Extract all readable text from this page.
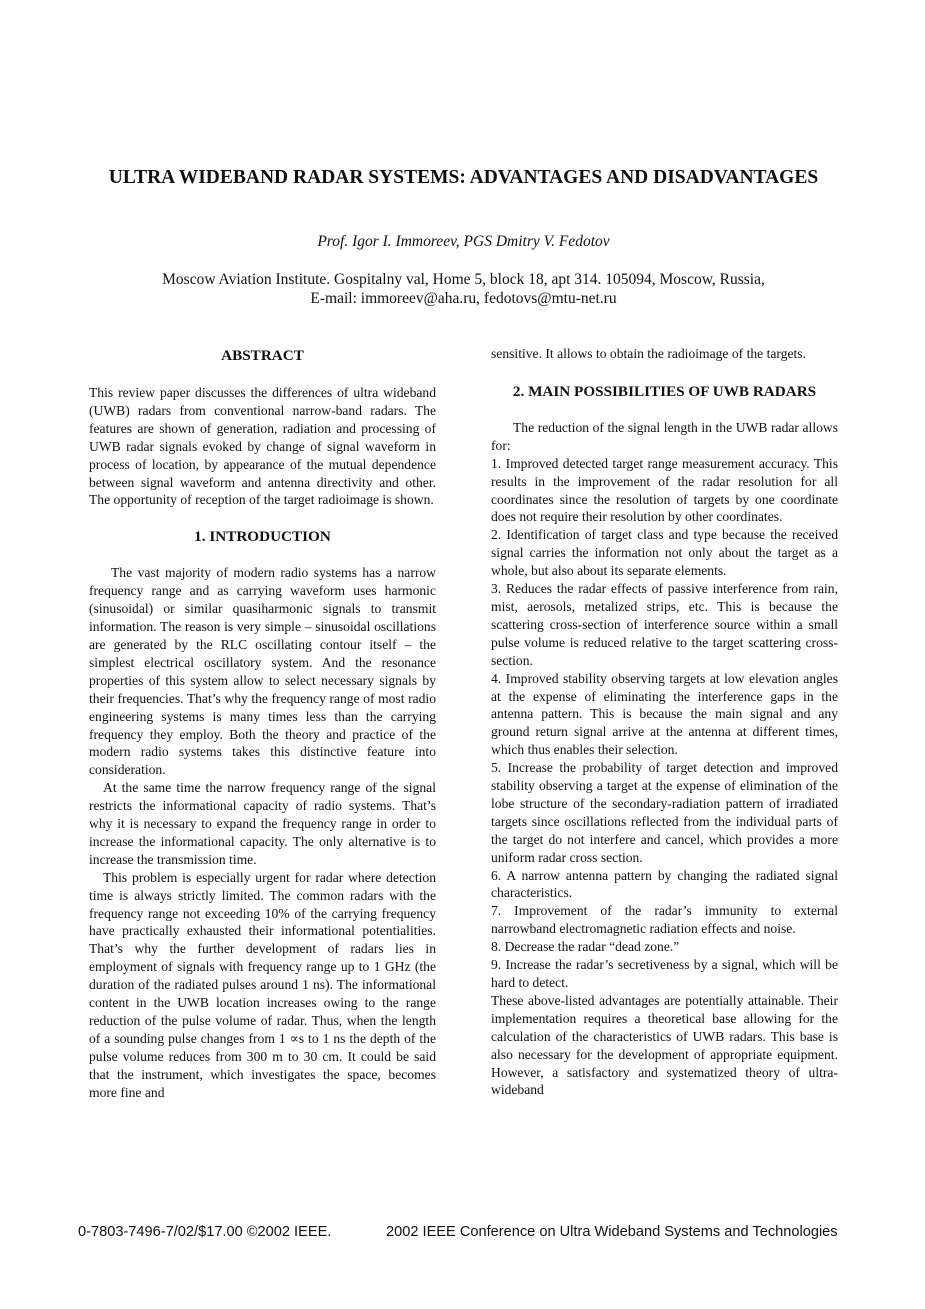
ULTRA WIDEBAND RADAR SYSTEMS: ADVANTAGES AND DISADVANTAGES
Prof. Igor I. Immoreev, PGS Dmitry V. Fedotov
Moscow Aviation Institute. Gospitalny val, Home 5, block 18, apt 314. 105094, Moscow, Russia,
E-mail: immoreev@aha.ru, fedotovs@mtu-net.ru
ABSTRACT

This review paper discusses the differences of ultra wideband (UWB) radars from conventional narrow-band radars. The features are shown of generation, radiation and processing of UWB radar signals evoked by change of signal waveform in process of location, by appearance of the mutual dependence between signal waveform and antenna directivity and other. The opportunity of reception of the target radioimage is shown.

1. INTRODUCTION

The vast majority of modern radio systems has a narrow frequency range and as carrying waveform uses harmonic (sinusoidal) or similar quasiharmonic signals to transmit information. The reason is very simple – sinusoidal oscillations are generated by the RLC oscillating contour itself – the simplest electrical oscillatory system. And the resonance properties of this system allow to select necessary signals by their frequencies. That’s why the frequency range of most radio engineering systems is many times less than the carrying frequency they employ. Both the theory and practice of the modern radio systems takes this distinctive feature into consideration.

At the same time the narrow frequency range of the signal restricts the informational capacity of radio systems. That’s why it is necessary to expand the frequency range in order to increase the informational capacity. The only alternative is to increase the transmission time.

This problem is especially urgent for radar where detection time is always strictly limited. The common radars with the frequency range not exceeding 10% of the carrying frequency have practically exhausted their informational potentialities. That’s why the further development of radars lies in employment of signals with frequency range up to 1 GHz (the duration of the radiated pulses around 1 ns). The informational content in the UWB location increases owing to the range reduction of the pulse volume of radar. Thus, when the length of a sounding pulse changes from 1 ∝s to 1 ns the depth of the pulse volume reduces from 300 m to 30 cm. It could be said that the instrument, which investigates the space, becomes more fine and

sensitive. It allows to obtain the radioimage of the targets.

2. MAIN POSSIBILITIES OF UWB RADARS

The reduction of the signal length in the UWB radar allows for:

1. Improved detected target range measurement accuracy. This results in the improvement of the radar resolution for all coordinates since the resolution of targets by one coordinate does not require their resolution by other coordinates.
2. Identification of target class and type because the received signal carries the information not only about the target as a whole, but also about its separate elements.
3. Reduces the radar effects of passive interference from rain, mist, aerosols, metalized strips, etc. This is because the scattering cross-section of interference source within a small pulse volume is reduced relative to the target scattering cross-section.
4. Improved stability observing targets at low elevation angles at the expense of eliminating the interference gaps in the antenna pattern. This is because the main signal and any ground return signal arrive at the antenna at different times, which thus enables their selection.
5. Increase the probability of target detection and improved stability observing a target at the expense of elimination of the lobe structure of the secondary-radiation pattern of irradiated targets since oscillations reflected from the individual parts of the target do not interfere and cancel, which provides a more uniform radar cross section.
6. A narrow antenna pattern by changing the radiated signal characteristics.
7. Improvement of the radar’s immunity to external narrowband electromagnetic radiation effects and noise.
8. Decrease the radar “dead zone.”
9. Increase the radar’s secretiveness by a signal, which will be hard to detect.

These above-listed advantages are potentially attainable. Their implementation requires a theoretical base allowing for the calculation of the characteristics of UWB radars. This base is also necessary for the development of appropriate equipment. However, a satisfactory and systematized theory of ultra-wideband

0-7803-7496-7/02/$17.00 ©2002 IEEE.	2002 IEEE Conference on Ultra Wideband Systems and Technologies
